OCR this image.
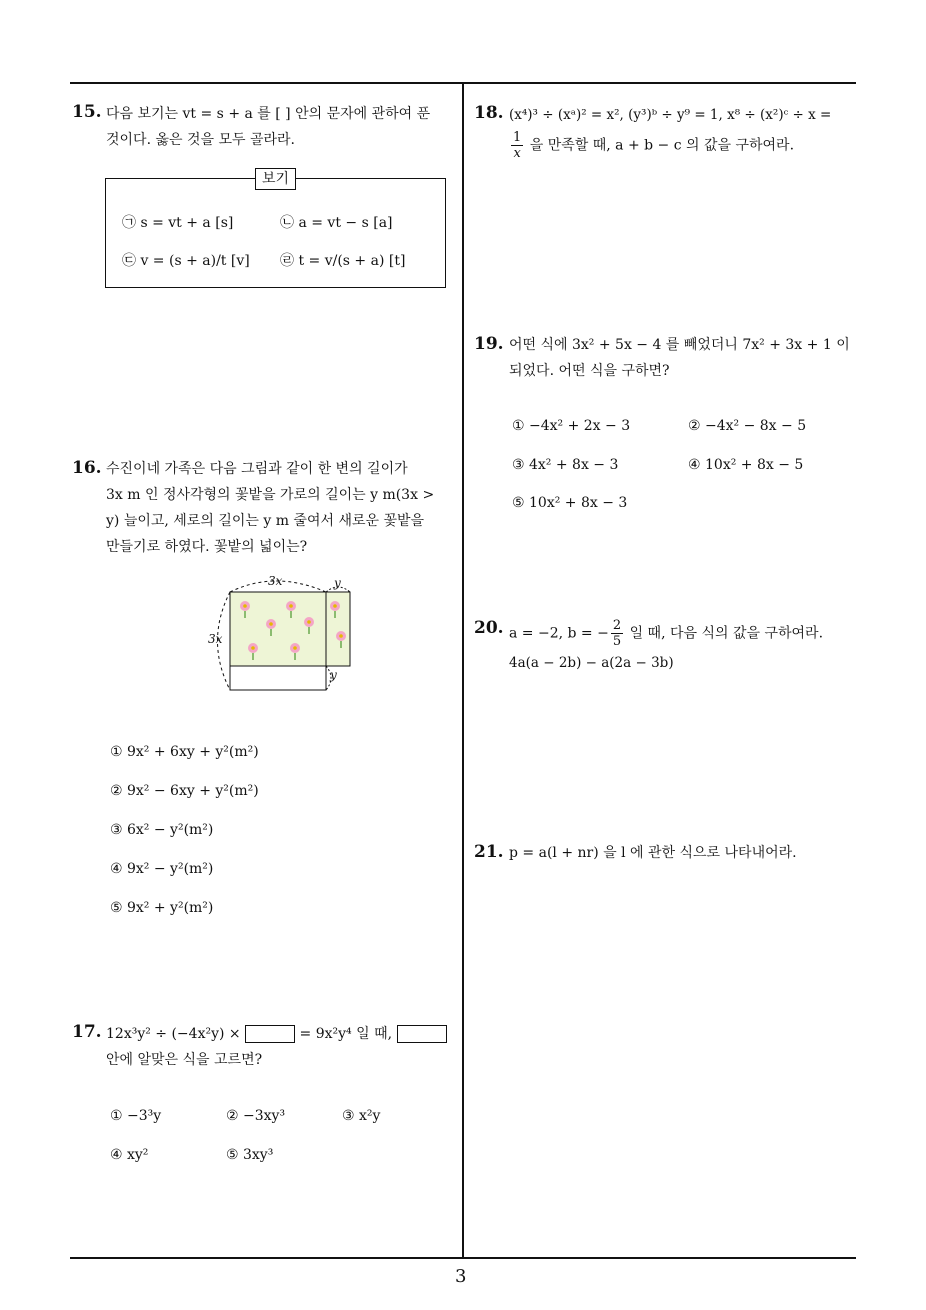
3
15. 다음 보기는 vt = s + a 를 [ ] 안의 문자에 관하여 푼
것이다. 옳은 것을 모두 골라라.
보기
㉠ s = vt + a [s]	㉡ a = vt − s [a]
㉢ v = (s + a)/t [v] ㉣ t = v/(s + a) [t]
16. 수진이네 가족은 다음 그림과 같이 한 변의 길이가
3x m 인 정사각형의 꽃밭을 가로의 길이는 y m(3x >
y) 늘이고, 세로의 길이는 y m 줄여서 새로운 꽃밭을
만들기로 하였다. 꽃밭의 넓이는?
3x	y
3x
y
① 9x² + 6xy + y²(m²)
② 9x² − 6xy + y²(m²)
③ 6x² − y²(m²)
④ 9x² − y²(m²)
⑤ 9x² + y²(m²)
17. 12x³y² ÷ (−4x²y) ×	= 9x²y⁴ 일 때,
안에 알맞은 식을 고르면?
① −3³y	② −3xy³	③ x²y
④ xy²	⑤ 3xy³
18. (x⁴)³ ÷ (xᵃ)² = x², (y³)ᵇ ÷ y⁹ = 1, x⁸ ÷ (x²)ᶜ ÷ x =
$\frac{1}{x}$ 을 만족할 때, a + b − c 의 값을 구하여라.
19. 어떤 식에 3x² + 5x − 4 를 빼었더니 7x² + 3x + 1 이
되었다. 어떤 식을 구하면?
① −4x² + 2x − 3	② −4x² − 8x − 5
③ 4x² + 8x − 3	④ 10x² + 8x − 5
⑤ 10x² + 8x − 3
20. a = −2, b = − $\frac{2}{5}$ 일 때, 다음 식의 값을 구하여라.
4a(a − 2b) − a(2a − 3b)
21. p = a(l + nr) 을 l 에 관한 식으로 나타내어라.
